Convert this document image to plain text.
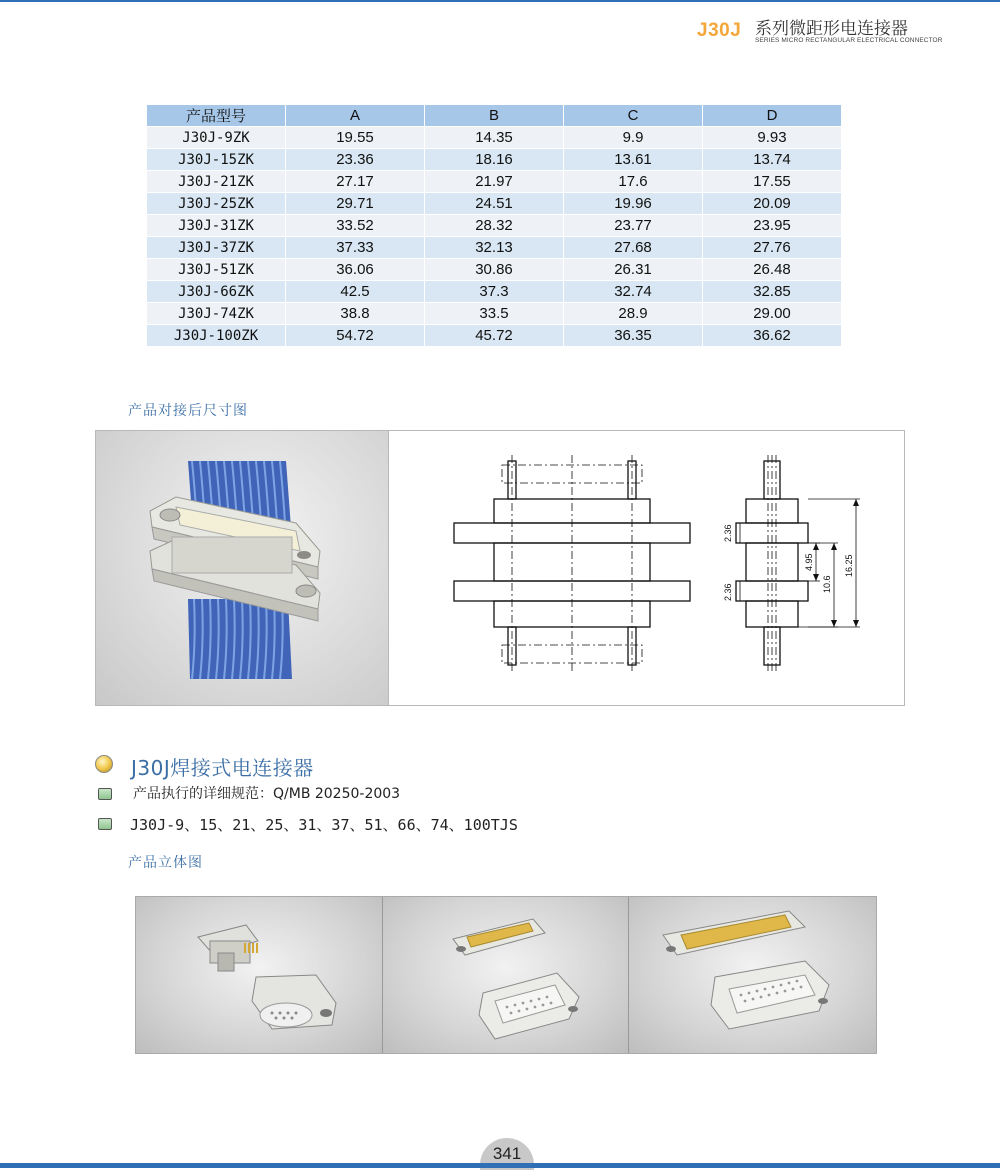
J30J 系列微距形电连接器
SERIES MICRO RECTANGULAR ELECTRICAL CONNECTOR
产品型号	A	B	C	D
J30J-9ZK	19.55	14.35	9.9	9.93
J30J-15ZK	23.36	18.16	13.61	13.74
J30J-21ZK	27.17	21.97	17.6	17.55
J30J-25ZK	29.71	24.51	19.96	20.09
J30J-31ZK	33.52	28.32	23.77	23.95
J30J-37ZK	37.33	32.13	27.68	27.76
J30J-51ZK	36.06	30.86	26.31	26.48
J30J-66ZK	42.5	37.3	32.74	32.85
J30J-74ZK	38.8	33.5	28.9	29.00
J30J-100ZK	54.72	45.72	36.35	36.62
产品对接后尺寸图
2.36
2.36
4.95
10.6
16.25
J30J焊接式电连接器
产品执行的详细规范：Q/MB 20250-2003
J30J-9、15、21、25、31、37、51、66、74、100TJS
产品立体图
341
